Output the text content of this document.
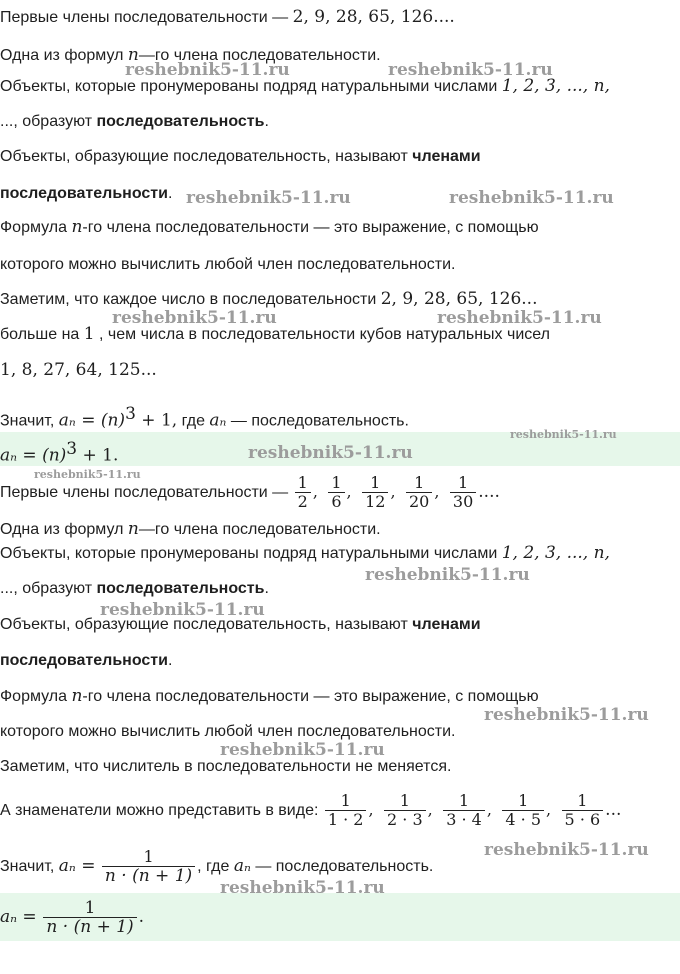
Первые члены последовательности — 2, 9, 28, 65, 126....
Одна из формул n—го члена последовательности.
Объекты, которые пронумерованы подряд натуральными числами 1, 2, 3, ..., n,
..., образуют последовательность.
Объекты, образующие последовательность, называют членами
последовательности.
Формула n-го члена последовательности — это выражение, с помощью
которого можно вычислить любой член последовательности.
Заметим, что каждое число в последовательности 2, 9, 28, 65, 126...
больше на 1 , чем числа в последовательности кубов натуральных чисел
1, 8, 27, 64, 125...
Значит, $a_n = (n)^3 + 1$, где aₙ — последовательность.
$a_n = (n)^3 + 1$.
Первые члены последовательности — $\frac{1}{2}$ , $\frac{1}{6}$ , $\frac{1}{12}$ , $\frac{1}{20}$ , $\frac{1}{30}$ ....
Одна из формул n—го члена последовательности.
Объекты, которые пронумерованы подряд натуральными числами 1, 2, 3, ..., n,
..., образуют последовательность.
Объекты, образующие последовательность, называют членами
последовательности.
Формула n-го члена последовательности — это выражение, с помощью
которого можно вычислить любой член последовательности.
Заметим, что числитель в последовательности не меняется.
А знаменатели можно представить в виде: $\frac{1}{1 \cdot 2}$ , $\frac{1}{2 \cdot 3}$ , $\frac{1}{3 \cdot 4}$ , $\frac{1}{4 \cdot 5}$ , $\frac{1}{5 \cdot 6}$ ...
Значит, $a_n = \frac{1}{n \cdot (n + 1)}$ , где aₙ — последовательность.
$a_n = \frac{1}{n \cdot (n + 1)}$ .
reshebnik5-11.ru	reshebnik5-11.ru
reshebnik5-11.ru	reshebnik5-11.ru
reshebnik5-11.ru	reshebnik5-11.ru
reshebnik5-11.ru
reshebnik5-11.ru
reshebnik5-11.ru
reshebnik5-11.ru
reshebnik5-11.ru
reshebnik5-11.ru
reshebnik5-11.ru
reshebnik5-11.ru
reshebnik5-11.ru
